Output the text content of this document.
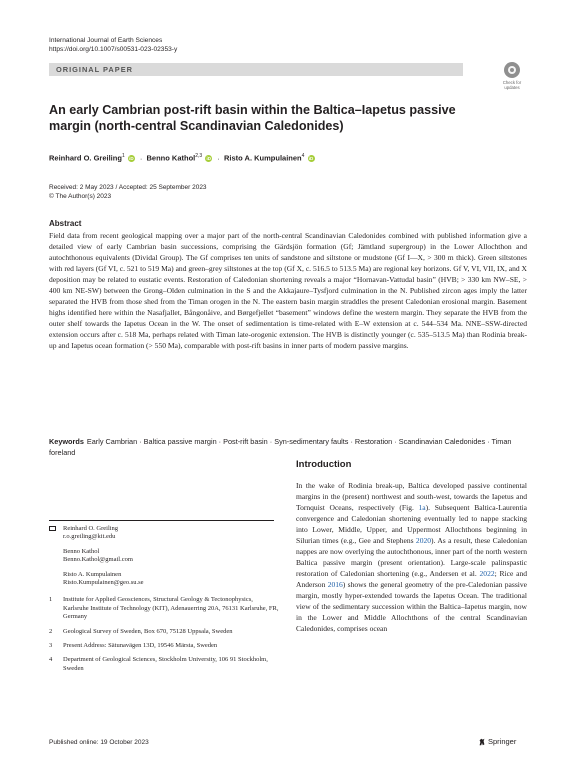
International Journal of Earth Sciences
https://doi.org/10.1007/s00531-023-02353-y
ORIGINAL PAPER
Check for
updates
An early Cambrian post-rift basin within the Baltica–Iapetus passive margin (north-central Scandinavian Caledonides)
Reinhard O. Greiling$^1$ iD · Benno Kathol$^{2,3}$ iD · Risto A. Kumpulainen$^4$ iD
Received: 2 May 2023 / Accepted: 25 September 2023
© The Author(s) 2023
Abstract
Field data from recent geological mapping over a major part of the north-central Scandinavian Caledonides combined with published information give a detailed view of early Cambrian basin successions, comprising the Gärdsjön formation (Gf; Jämtland supergroup) in the Lower Allochthon and autochthonous equivalents (Dividal Group). The Gf comprises ten units of sandstone and siltstone or mudstone (Gf I—X, > 300 m thick). Green siltstones with red layers (Gf VI, c. 521 to 519 Ma) and green–grey siltstones at the top (Gf X, c. 516.5 to 513.5 Ma) are regional key horizons. Gf V, VI, VII, IX, and X deposition may be related to eustatic events. Restoration of Caledonian shortening reveals a major “Hornavan-Vattudal basin” (HVB; > 330 km NW–SE, > 400 km NE-SW) between the Grong–Olden culmination in the S and the Akkajaure–Tysfjord culmination in the N. Published zircon ages imply the latter separated the HVB from those shed from the Timan orogen in the N. The eastern basin margin straddles the present Caledonian erosional margin. Basement highs identified here within the Nasafjallet, Bångonåive, and Børgefjellet “basement” windows define the western margin. They separate the HVB from the outer shelf towards the Iapetus Ocean in the W. The onset of sedimentation is time-related with E–W extension at c. 544–534 Ma. NNE–SSW-directed extension occurs after c. 518 Ma, perhaps related with Timan late-orogenic extension. The HVB is distinctly younger (c. 535–513.5 Ma) than Rodinia break-up and Iapetus ocean formation (> 550 Ma), comparable with post-rift basins in inner parts of modern passive margins.
Keywords Early Cambrian · Baltica passive margin · Post-rift basin · Syn-sedimentary faults · Restoration · Scandinavian Caledonides · Timan foreland
Introduction
In the wake of Rodinia break-up, Baltica developed passive continental margins in the (present) northwest and south-west, towards the Iapetus and Tornquist Oceans, respectively (Fig. 1a). Subsequent Baltica-Laurentia convergence and Caledonian shortening eventually led to nappe stacking into Lower, Middle, Upper, and Uppermost Allochthons beginning in Silurian times (e.g., Gee and Stephens 2020). As a result, these Caledonian nappes are now overlying the autochthonous, inner part of the north western Baltica passive margin (present orientation). Large-scale palinspastic restoration of Caledonian shortening (e.g., Andersen et al. 2022; Rice and Anderson 2016) shows the general geometry of the pre-Caledonian passive margin, mostly hyper-extended towards the Iapetus Ocean. The traditional view of the sedimentary succession within the Baltica–Iapetus margin, now in the Lower and Middle Allochthons of the central Scandinavian Caledonides, comprises ocean
Reinhard O. Greiling
r.o.greiling@kit.edu
Benno Kathol
Benno.Kathol@gmail.com
Risto A. Kumpulainen
Risto.Kumpulainen@geo.su.se
1	Institute for Applied Geosciences, Structural Geology & Tectonophysics, Karlsruhe Institute of Technology (KIT), Adenauerring 20A, 76131 Karlsruhe, FR, Germany
2	Geological Survey of Sweden, Box 670, 75128 Uppsala, Sweden
3	Present Address: Sätunavägen 13D, 19546 Märsta, Sweden
4	Department of Geological Sciences, Stockholm University, 106 91 Stockholm, Sweden
Published online: 19 October 2023	Springer
